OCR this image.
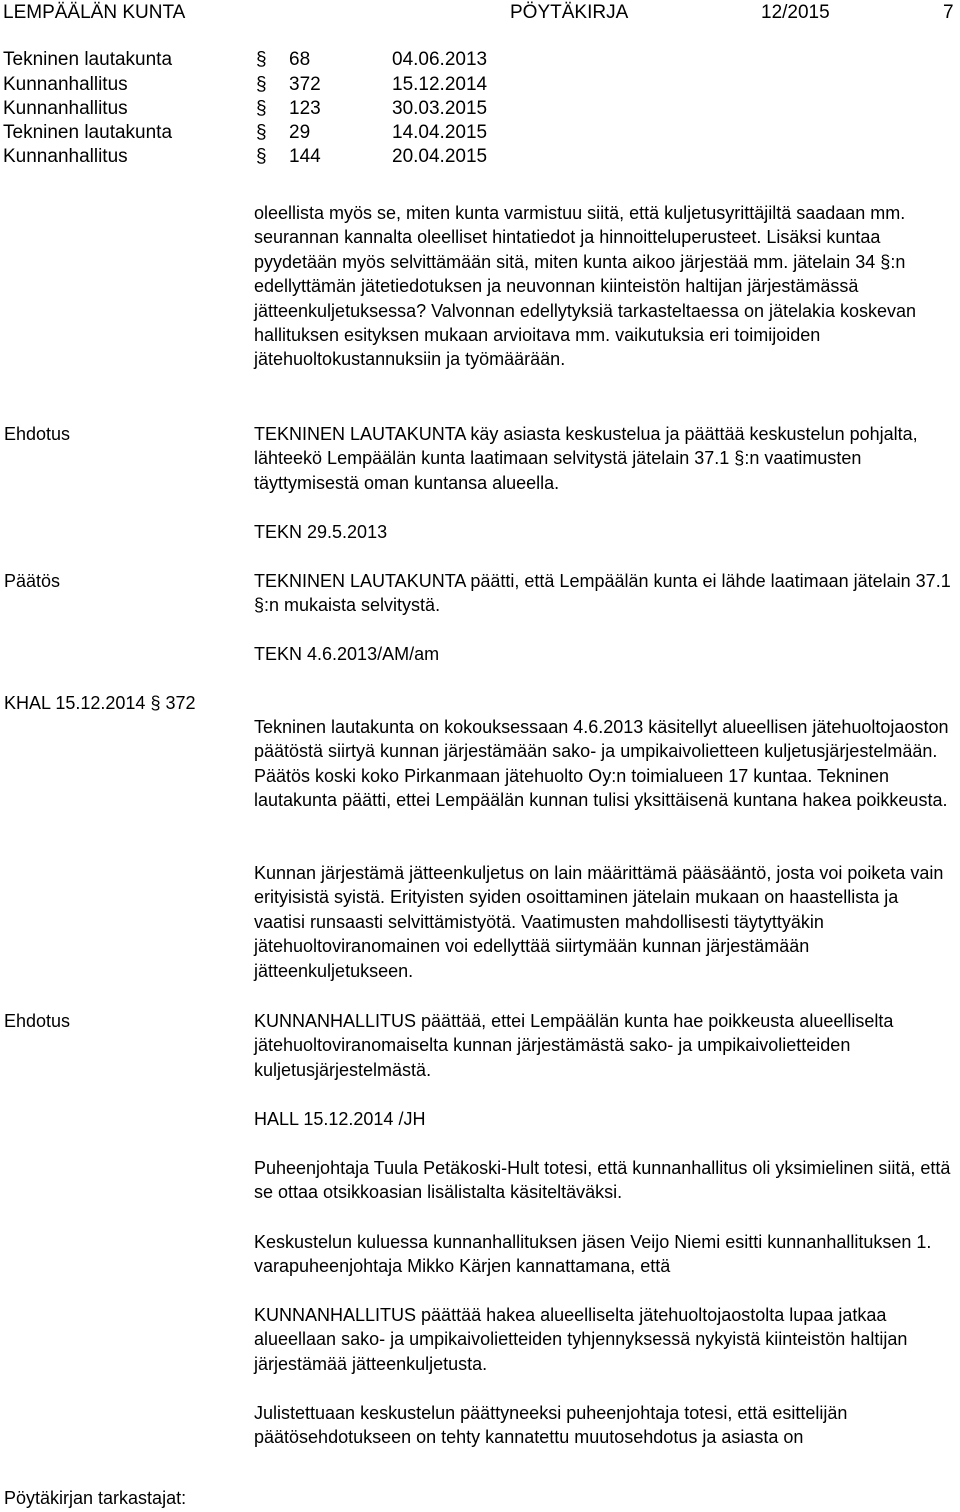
LEMPÄÄLÄN KUNTA	PÖYTÄKIRJA	12/2015	7
Tekninen lautakunta	§ 68	04.06.2013
Kunnanhallitus	§ 372	15.12.2014
Kunnanhallitus	§ 123	30.03.2015
Tekninen lautakunta	§ 29	14.04.2015
Kunnanhallitus	§ 144	20.04.2015
oleellista myös se, miten kunta varmistuu siitä, että kuljetusyrittäjiltä saadaan mm. seurannan kannalta oleelliset hintatiedot ja hinnoitteluperusteet. Lisäksi kuntaa pyydetään myös selvittämään sitä, miten kunta aikoo järjestää mm. jätelain 34 §:n edellyttämän jätetiedotuksen ja neuvonnan kiinteistön haltijan järjestämässä jätteenkuljetuksessa? Valvonnan edellytyksiä tarkasteltaessa on jätelakia koskevan hallituksen esityksen mukaan arvioitava mm. vaikutuksia eri toimijoiden jätehuoltokustannuksiin ja työmäärään.
Ehdotus	TEKNINEN LAUTAKUNTA käy asiasta keskustelua ja päättää keskustelun pohjalta, lähteekö Lempäälän kunta laatimaan selvitystä jätelain 37.1 §:n vaatimusten täyttymisestä oman kuntansa alueella.
TEKN 29.5.2013
Päätös	TEKNINEN LAUTAKUNTA päätti, että Lempäälän kunta ei lähde laatimaan jätelain 37.1 §:n mukaista selvitystä.
TEKN 4.6.2013/AM/am
KHAL 15.12.2014 § 372
Tekninen lautakunta on kokouksessaan 4.6.2013 käsitellyt alueellisen jätehuoltojaoston päätöstä siirtyä kunnan järjestämään sako- ja umpikaivolietteen kuljetusjärjestelmään. Päätös koski koko Pirkanmaan jätehuolto Oy:n toimialueen 17 kuntaa. Tekninen lautakunta päätti, ettei Lempäälän kunnan tulisi yksittäisenä kuntana hakea poikkeusta.
Kunnan järjestämä jätteenkuljetus on lain määrittämä pääsääntö, josta voi poiketa vain erityisistä syistä. Erityisten syiden osoittaminen jätelain mukaan on haastellista ja vaatisi runsaasti selvittämistyötä. Vaatimusten mahdollisesti täytyttyäkin jätehuoltoviranomainen voi edellyttää siirtymään kunnan järjestämään jätteenkuljetukseen.
Ehdotus	KUNNANHALLITUS päättää, ettei Lempäälän kunta hae poikkeusta alueelliselta jätehuoltoviranomaiselta kunnan järjestämästä sako- ja umpikaivolietteiden kuljetusjärjestelmästä.
HALL 15.12.2014 /JH
Puheenjohtaja Tuula Petäkoski-Hult totesi, että kunnanhallitus oli yksimielinen siitä, että se ottaa otsikkoasian lisälistalta käsiteltäväksi.
Keskustelun kuluessa kunnanhallituksen jäsen Veijo Niemi esitti kunnanhallituksen 1. varapuheenjohtaja Mikko Kärjen kannattamana, että
KUNNANHALLITUS päättää hakea alueelliselta jätehuoltojaostolta lupaa jatkaa alueellaan sako- ja umpikaivolietteiden tyhjennyksessä nykyistä kiinteistön haltijan järjestämää jätteenkuljetusta.
Julistettuaan keskustelun päättyneeksi puheenjohtaja totesi, että esittelijän päätösehdotukseen on tehty kannatettu muutosehdotus ja asiasta on
Pöytäkirjan tarkastajat:
